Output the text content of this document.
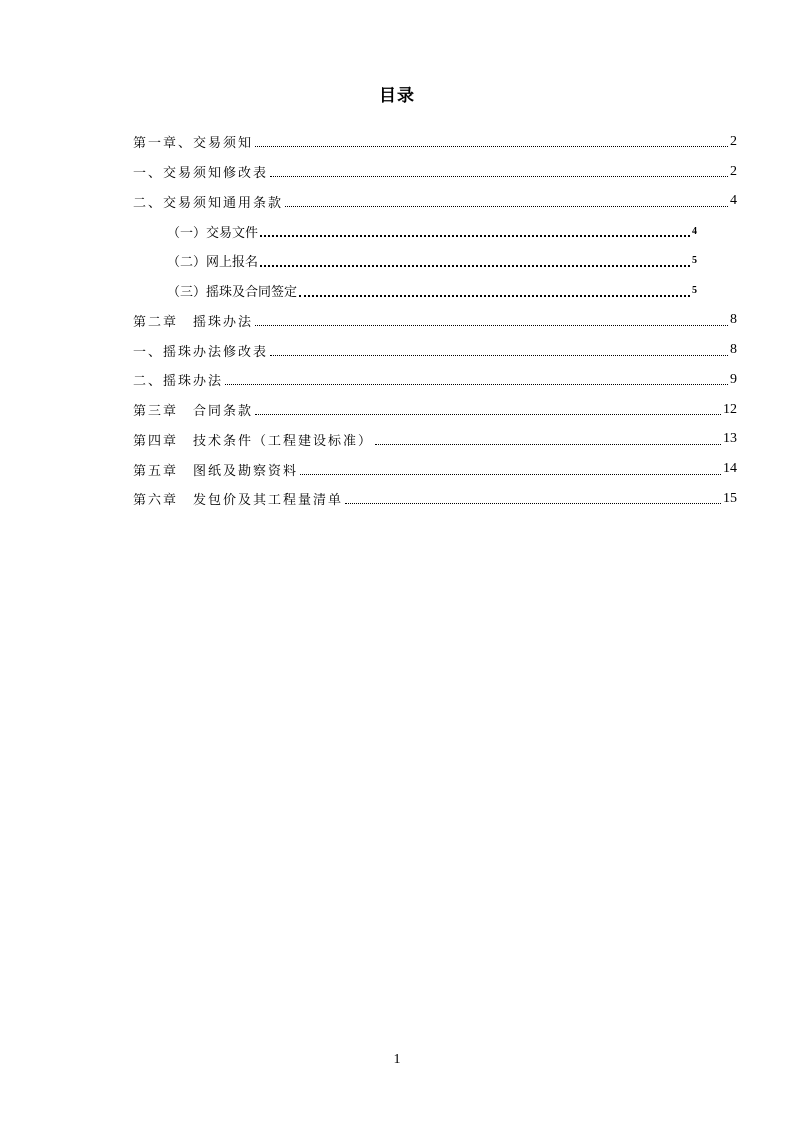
目录
第一章、交易须知	2
一、交易须知修改表	2
二、交易须知通用条款	4
（一）交易文件	4
（二）网上报名	5
（三）摇珠及合同签定	5
第二章　摇珠办法	8
一、摇珠办法修改表	8
二、摇珠办法	9
第三章　合同条款	12
第四章　技术条件（工程建设标准）	13
第五章　图纸及勘察资料	14
第六章　发包价及其工程量清单	15
1
